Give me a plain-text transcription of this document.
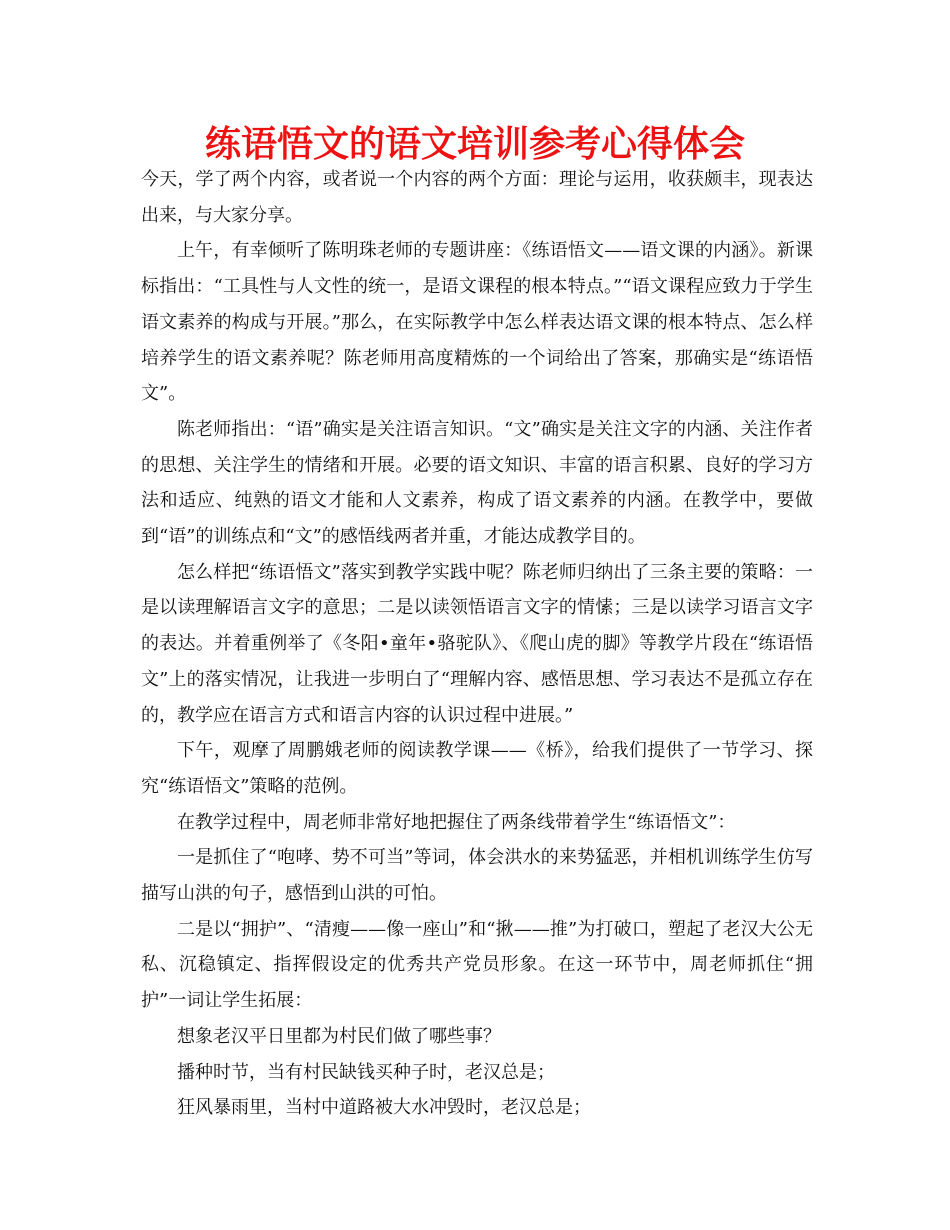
练语悟文的语文培训参考心得体会

今天，学了两个内容，或者说一个内容的两个方面：理论与运用，收获颇丰，现表达出来，与大家分享。

上午，有幸倾听了陈明珠老师的专题讲座：《练语悟文——语文课的内涵》。新课标指出：“工具性与人文性的统一，是语文课程的根本特点。”“语文课程应致力于学生语文素养的构成与开展。”那么，在实际教学中怎么样表达语文课的根本特点、怎么样培养学生的语文素养呢？陈老师用高度精炼的一个词给出了答案，那确实是“练语悟文”。

陈老师指出：“语”确实是关注语言知识。“文”确实是关注文字的内涵、关注作者的思想、关注学生的情绪和开展。必要的语文知识、丰富的语言积累、良好的学习方法和适应、纯熟的语文才能和人文素养，构成了语文素养的内涵。在教学中，要做到“语”的训练点和“文”的感悟线两者并重，才能达成教学目的。

怎么样把“练语悟文”落实到教学实践中呢？陈老师归纳出了三条主要的策略：一是以读理解语言文字的意思；二是以读领悟语言文字的情愫；三是以读学习语言文字的表达。并着重例举了《冬阳•童年•骆驼队》、《爬山虎的脚》等教学片段在“练语悟文”上的落实情况，让我进一步明白了“理解内容、感悟思想、学习表达不是孤立存在的，教学应在语言方式和语言内容的认识过程中进展。”

下午，观摩了周鹏娥老师的阅读教学课——《桥》，给我们提供了一节学习、探究“练语悟文”策略的范例。

在教学过程中，周老师非常好地把握住了两条线带着学生“练语悟文”：

一是抓住了“咆哮、势不可当”等词，体会洪水的来势猛恶，并相机训练学生仿写描写山洪的句子，感悟到山洪的可怕。

二是以“拥护”、“清瘦——像一座山”和“揪——推”为打破口，塑起了老汉大公无私、沉稳镇定、指挥假设定的优秀共产党员形象。在这一环节中，周老师抓住“拥护”一词让学生拓展：

想象老汉平日里都为村民们做了哪些事？

播种时节，当有村民缺钱买种子时，老汉总是；

狂风暴雨里，当村中道路被大水冲毁时，老汉总是；
